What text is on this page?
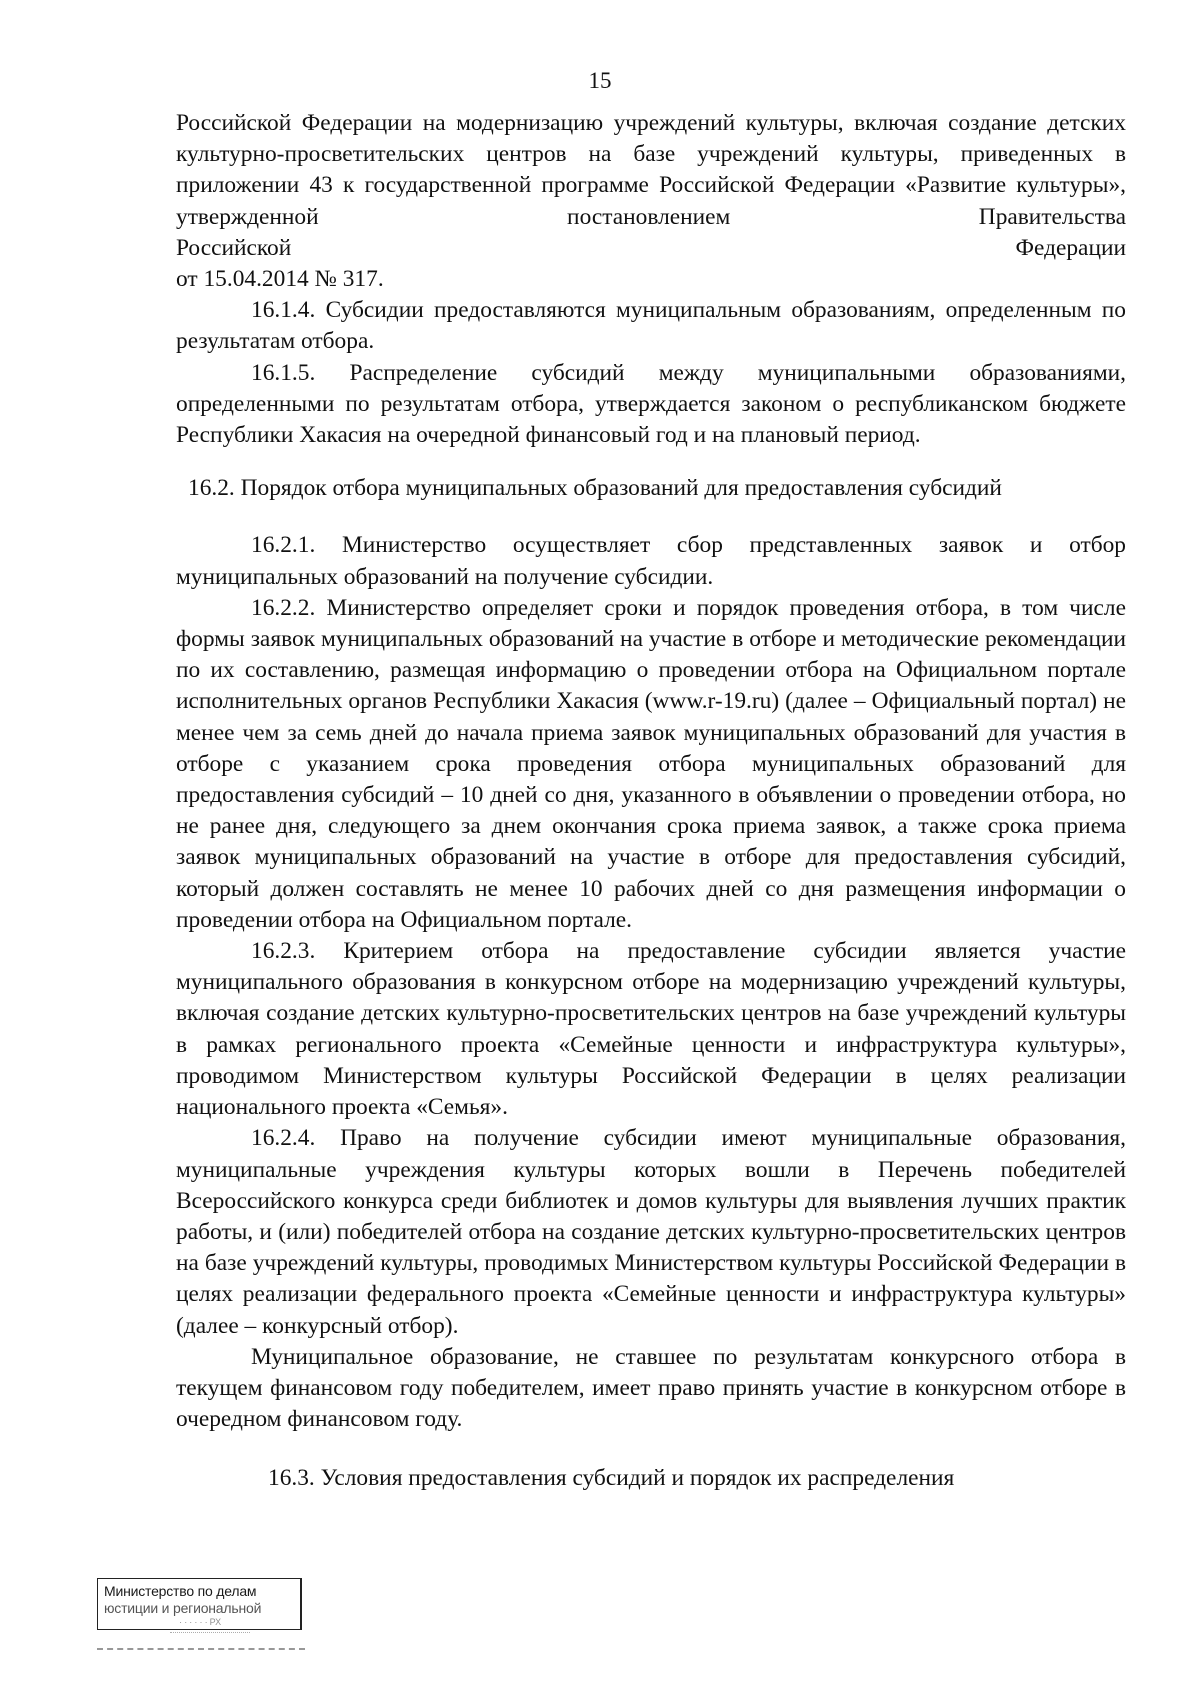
15

Российской Федерации на модернизацию учреждений культуры, включая создание детских культурно-просветительских центров на базе учреждений культуры, приведенных в приложении 43 к государственной программе Российской Федерации «Развитие культуры», утвержденной постановлением Правительства

Российской	Федерации

от 15.04.2014 № 317.

16.1.4. Субсидии предоставляются муниципальным образованиям, определенным по результатам отбора.

16.1.5. Распределение субсидий между муниципальными образованиями, определенными по результатам отбора, утверждается законом о республиканском бюджете Республики Хакасия на очередной финансовый год и на плановый период.

16.2. Порядок отбора муниципальных образований для предоставления субсидий

16.2.1. Министерство осуществляет сбор представленных заявок и отбор муниципальных образований на получение субсидии.

16.2.2. Министерство определяет сроки и порядок проведения отбора, в том числе формы заявок муниципальных образований на участие в отборе и методические рекомендации по их составлению, размещая информацию о проведении отбора на Официальном портале исполнительных органов Республики Хакасия (www.r-19.ru) (далее – Официальный портал) не менее чем за семь дней до начала приема заявок муниципальных образований для участия в отборе с указанием срока проведения отбора муниципальных образований для предоставления субсидий – 10 дней со дня, указанного в объявлении о проведении отбора, но не ранее дня, следующего за днем окончания срока приема заявок, а также срока приема заявок муниципальных образований на участие в отборе для предоставления субсидий, который должен составлять не менее 10 рабочих дней со дня размещения информации о проведении отбора на Официальном портале.

16.2.3. Критерием отбора на предоставление субсидии является участие муниципального образования в конкурсном отборе на модернизацию учреждений культуры, включая создание детских культурно-просветительских центров на базе учреждений культуры в рамках регионального проекта «Семейные ценности и инфраструктура культуры», проводимом Министерством культуры Российской Федерации в целях реализации национального проекта «Семья».

16.2.4. Право на получение субсидии имеют муниципальные образования, муниципальные учреждения культуры которых вошли в Перечень победителей Всероссийского конкурса среди библиотек и домов культуры для выявления лучших практик работы, и (или) победителей отбора на создание детских культурно-просветительских центров на базе учреждений культуры, проводимых Министерством культуры Российской Федерации в целях реализации федерального проекта «Семейные ценности и инфраструктура культуры» (далее – конкурсный отбор).

Муниципальное образование, не ставшее по результатам конкурсного отбора в текущем финансовом году победителем, имеет право принять участие в конкурсном отборе в очередном финансовом году.

16.3. Условия предоставления субсидий и порядок их распределения
Министерство по делам
юстиции и региональной
· · · · · · РХ
